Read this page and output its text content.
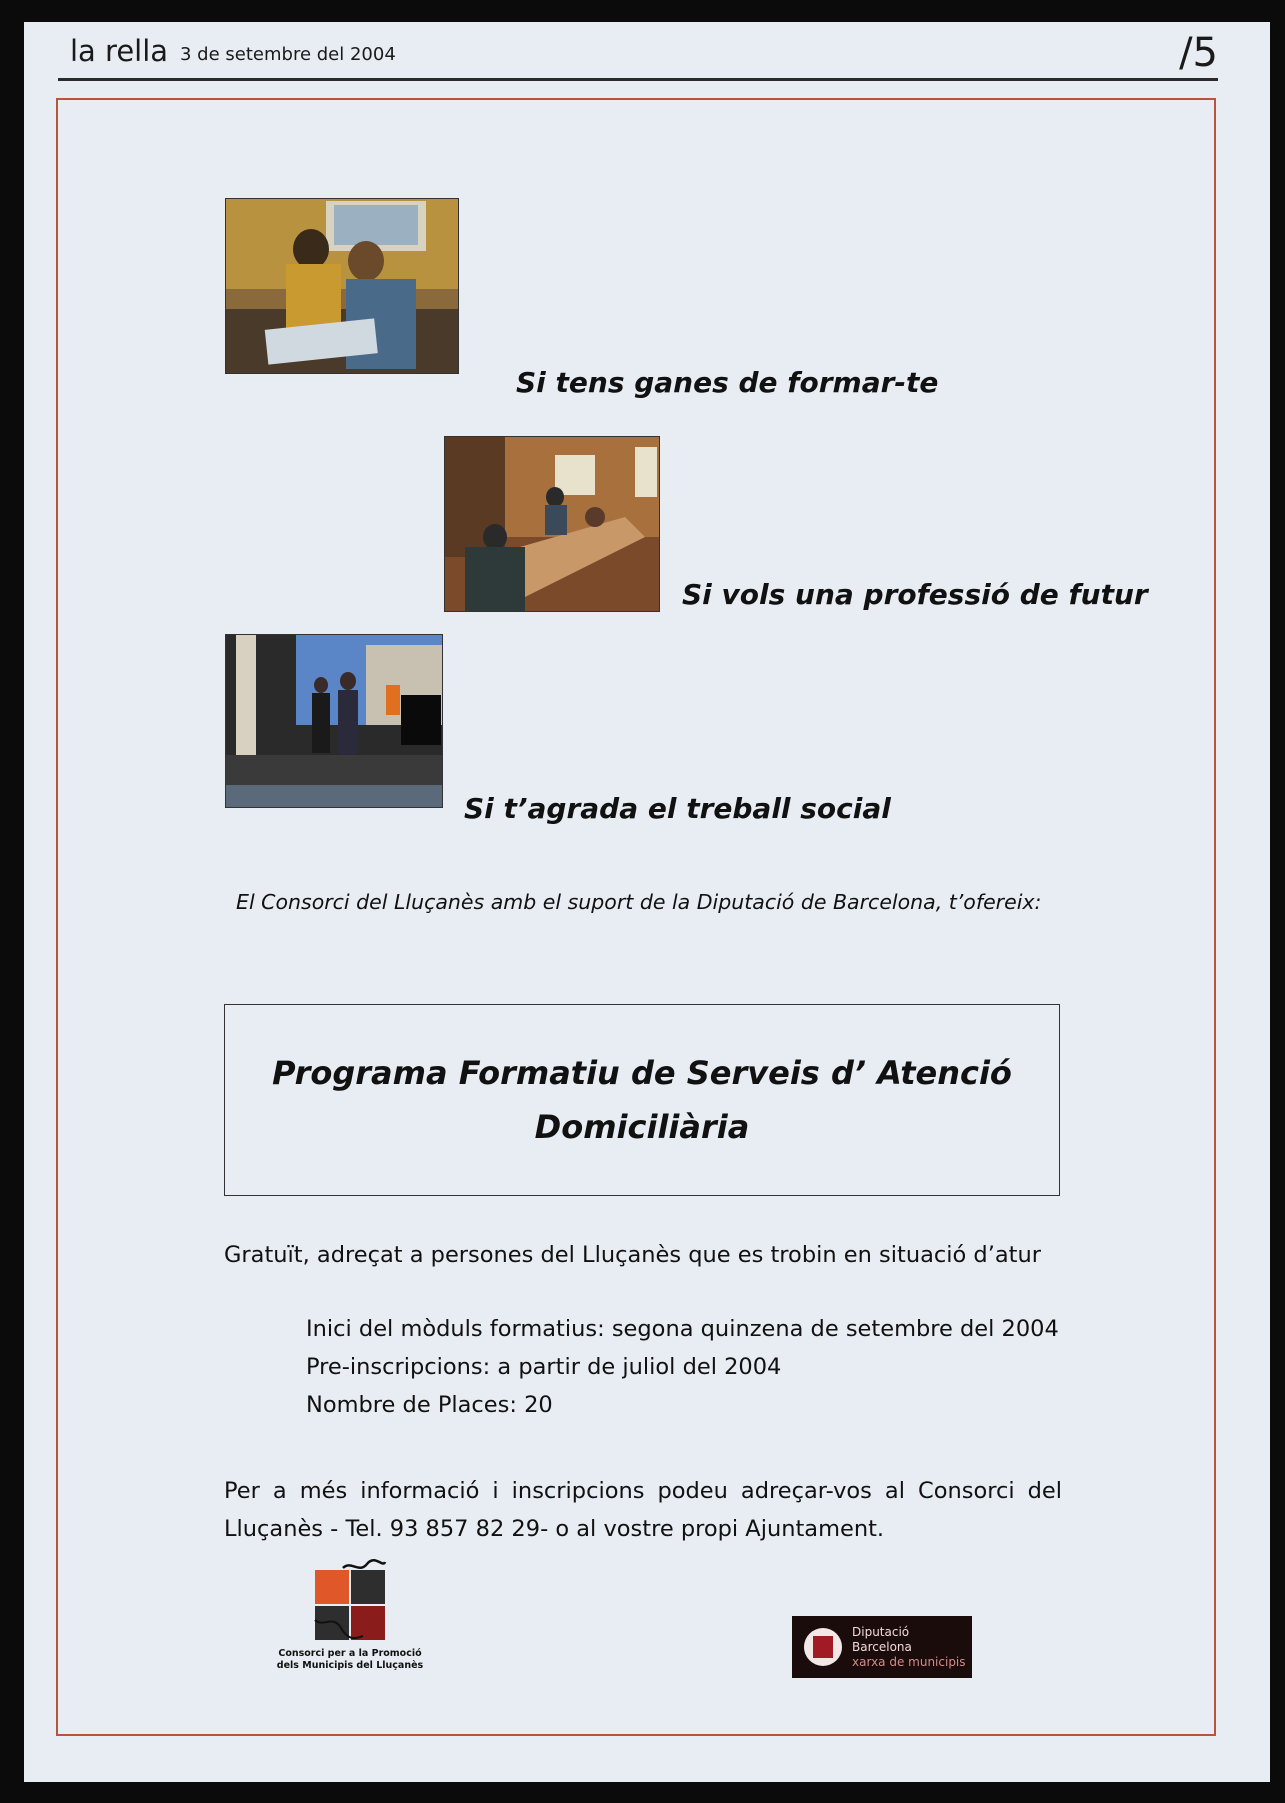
la rella 3 de setembre del 2004	/5
Si tens ganes de formar-te
Si vols una professió de futur
Si t’agrada el treball social
El Consorci del Lluçanès amb el suport de la Diputació de Barcelona, t’ofereix:
Programa Formatiu de Serveis d’ Atenció Domiciliària
Gratuït, adreçat a persones del Lluçanès que es trobin en situació d’atur
Inici del mòduls formatius: segona quinzena de setembre del 2004
Pre-inscripcions: a partir de juliol del 2004
Nombre de Places: 20
Per a més informació i inscripcions podeu adreçar-vos al Consorci del Lluçanès - Tel. 93 857 82 29- o al vostre propi Ajuntament.
Consorci per a la Promoció
dels Municipis del Lluçanès
Diputació
Barcelona
xarxa de municipis
